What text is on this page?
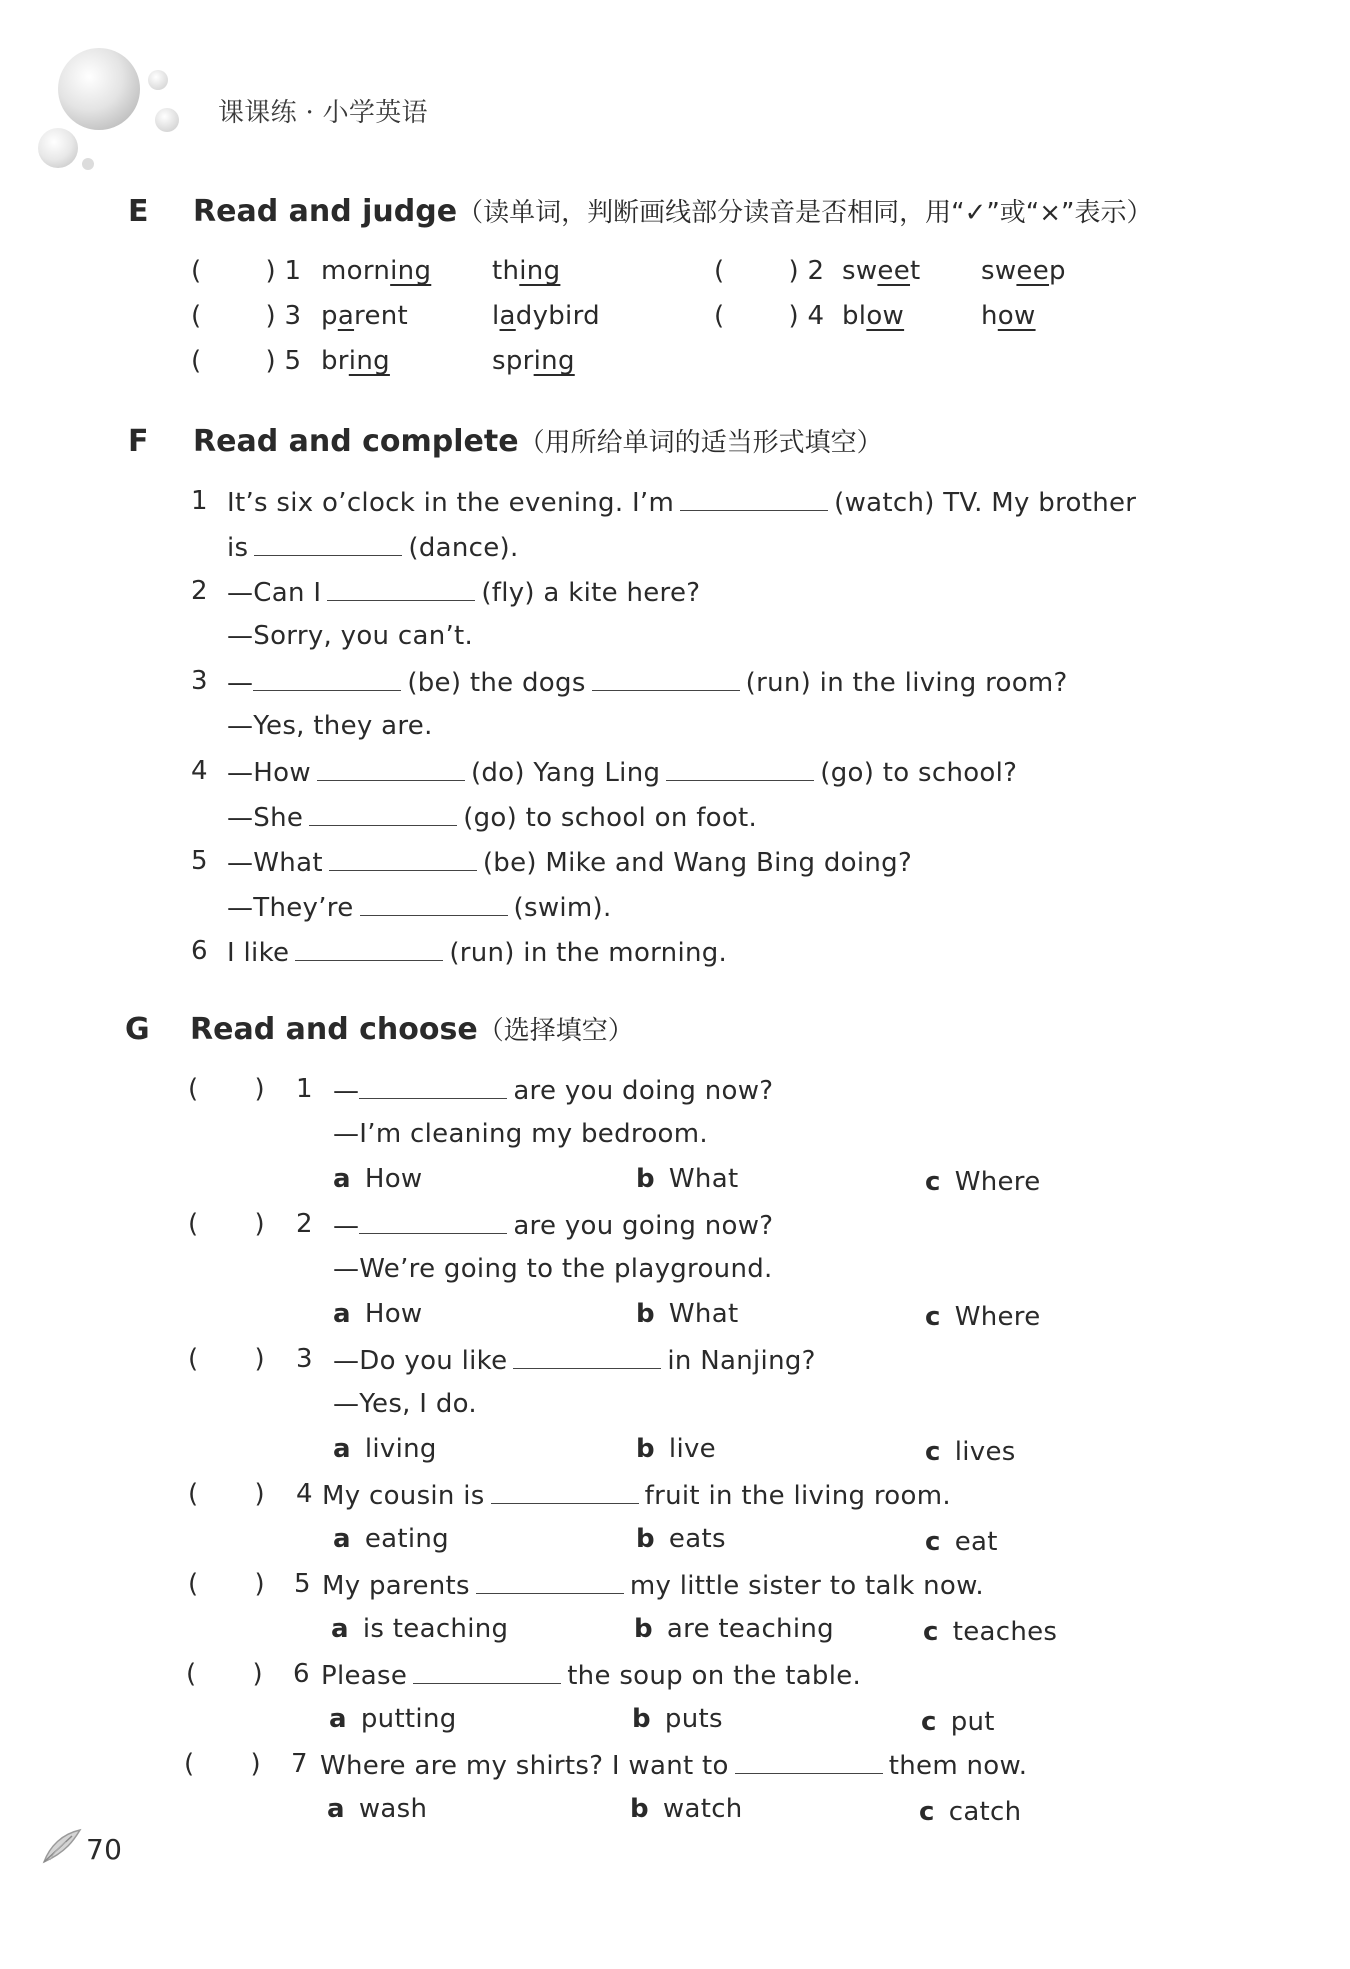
课课练 · 小学英语
E Read and judge（读单词，判断画线部分读音是否相同，用“✓”或“×”表示）
( ) 1 morning thing	( ) 2 sweet sweep
( ) 3 parent	ladybird	( ) 4 blow	how
( ) 5 bring	spring
F Read and complete（用所给单词的适当形式填空）
1 It’s six o’clock in the evening. I’m	(watch) TV. My brother
is	(dance).
2 —Can I	(fly) a kite here?
—Sorry, you can’t.
3 —	(be) the dogs	(run) in the living room?
—Yes, they are.
4 —How	(do) Yang Ling	(go) to school?
—She	(go) to school on foot.
5 —What	(be) Mike and Wang Bing doing?
—They’re	(swim).
6 I like	(run) in the morning.
G Read and choose（选择填空）
( ) 1 —	are you doing now?
—I’m cleaning my bedroom.
a How	b What	c Where
( ) 2 —	are you going now?
—We’re going to the playground.
a How	b What	c Where
( ) 3 —Do you like	in Nanjing?
—Yes, I do.
a living	b live	c lives
( ) 4 My cousin is	fruit in the living room.
a eating	b eats	c eat
( ) 5 My parents	my little sister to talk now.
a is teaching	b are teaching	c teaches
( ) 6 Please	the soup on the table.
a putting	b puts	c put
( ) 7 Where are my shirts? I want to	them now.
a wash	b watch	c catch
70
